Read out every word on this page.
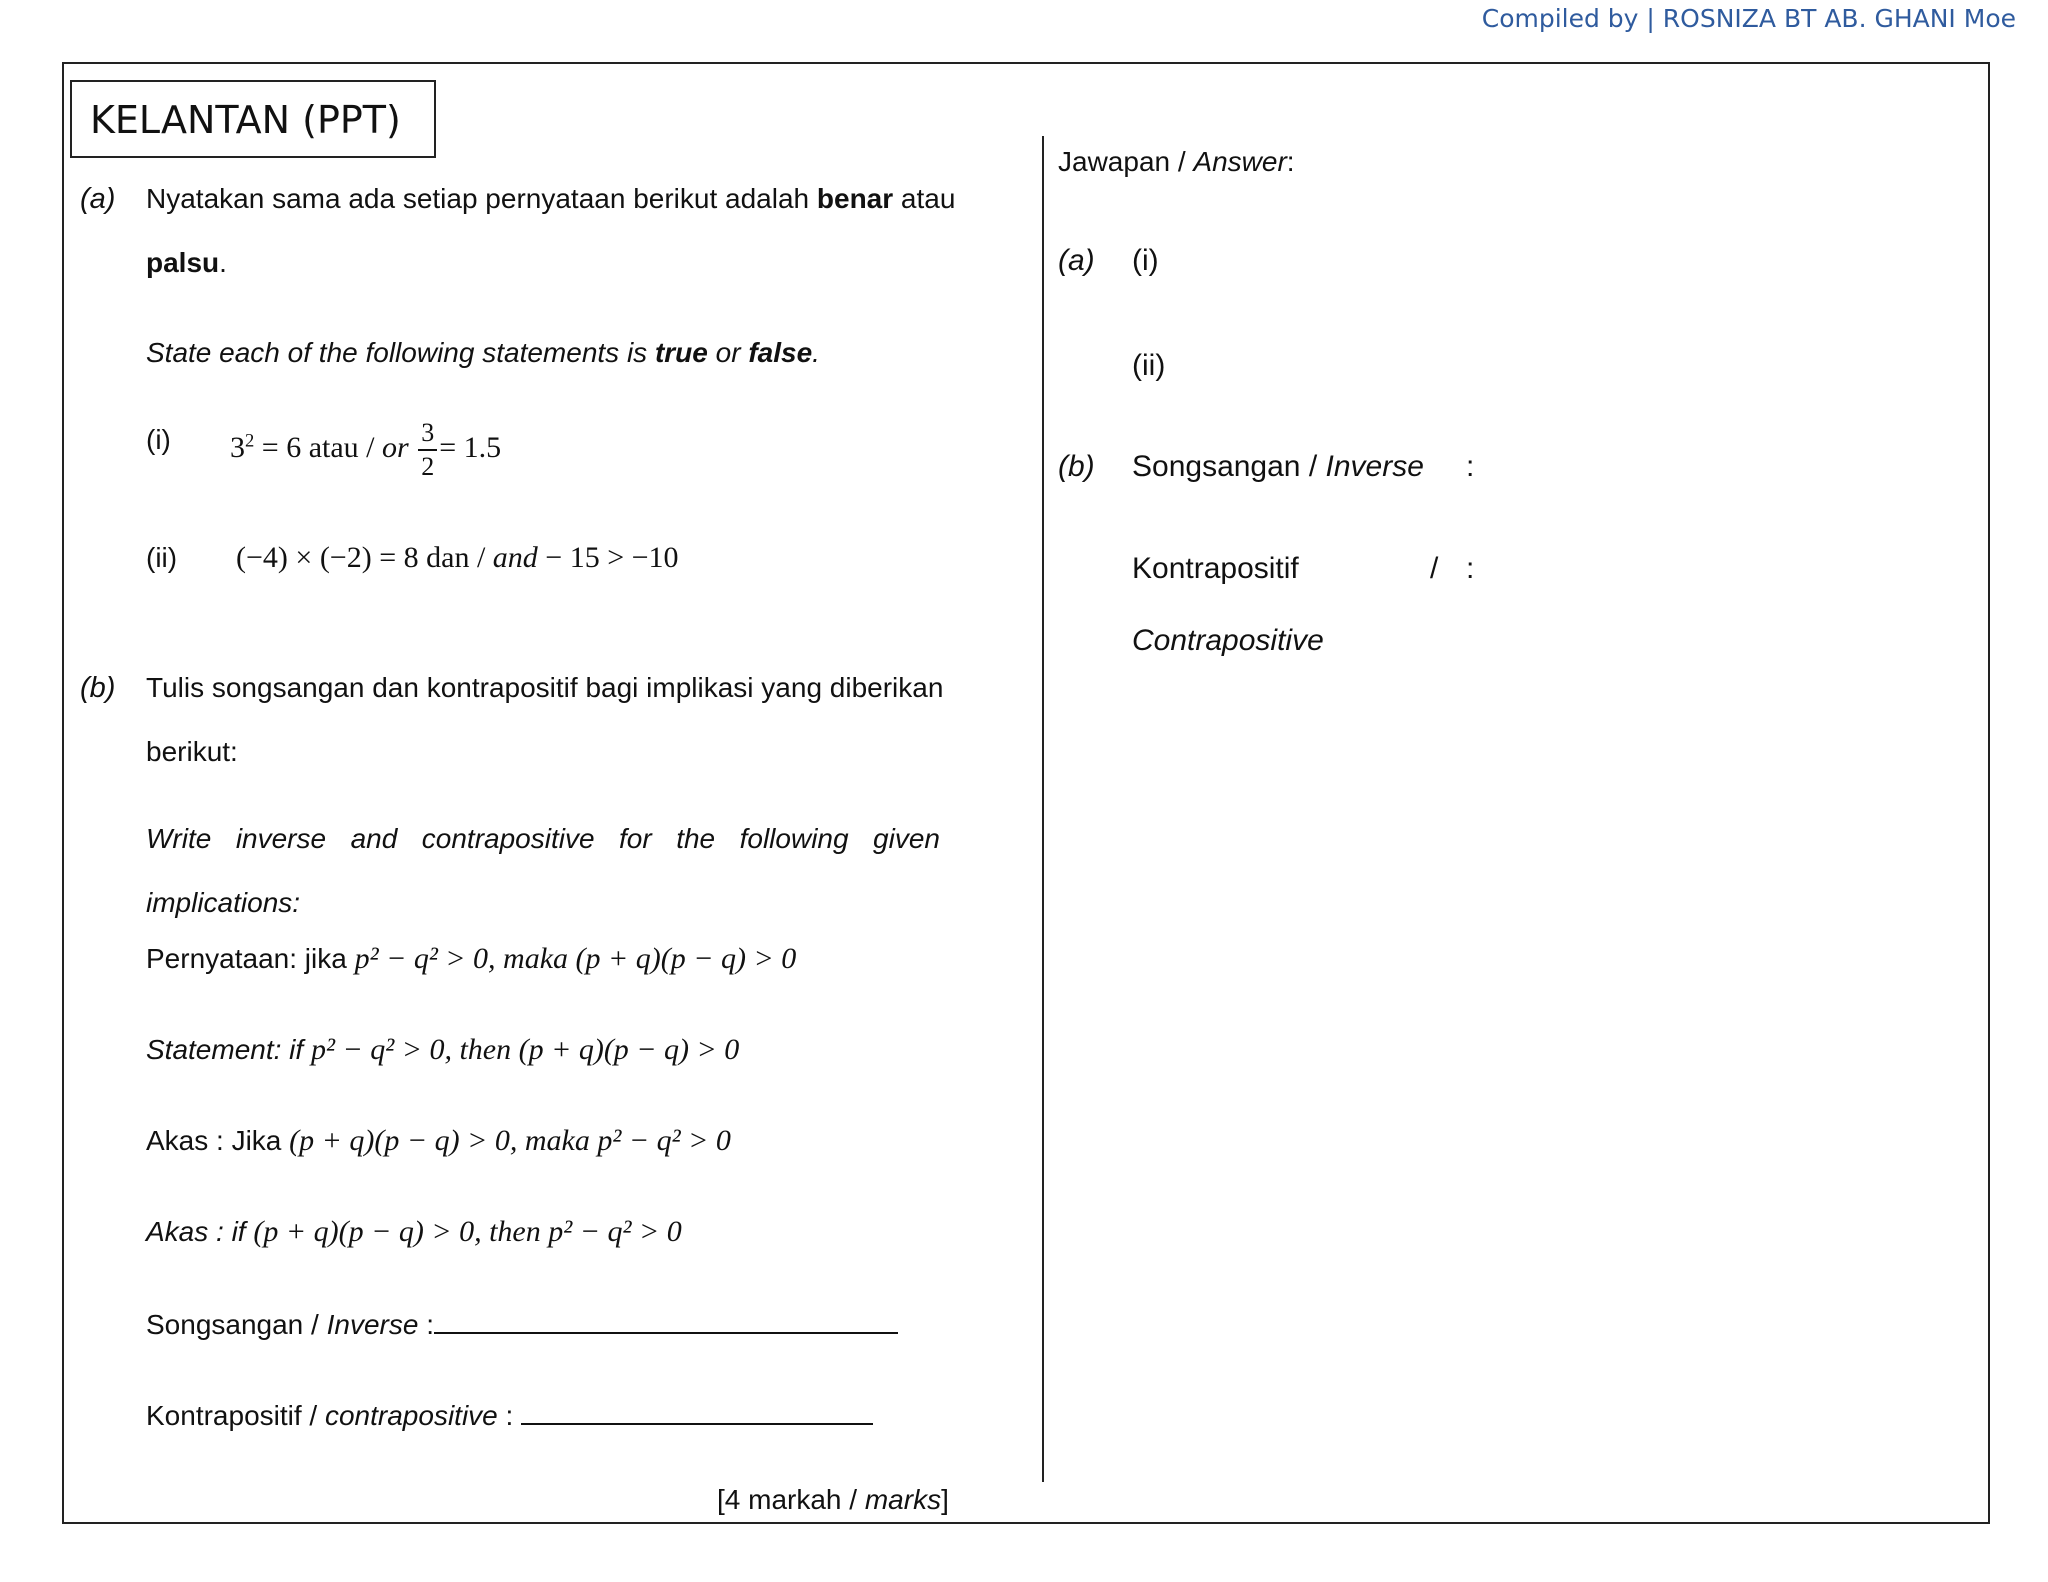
Compiled by | ROSNIZA BT AB. GHANI Moe
KELANTAN (PPT)
(a) Nyatakan sama ada setiap pernyataan berikut adalah benar atau
palsu.
State each of the following statements is true or false.
(i) $3^2 = 6$ atau / or $\frac{3}{2} = 1.5$
(ii) (−4) × (−2) = 8 dan / and − 15 > −10
(b) Tulis songsangan dan kontrapositif bagi implikasi yang diberikan
berikut:
Write inverse and contrapositive for the following given
implications:
Pernyataan: jika p² − q² > 0, maka (p + q)(p − q) > 0
Statement: if p² − q² > 0, then (p + q)(p − q) > 0
Akas : Jika (p + q)(p − q) > 0, maka p² − q² > 0
Akas : if (p + q)(p − q) > 0, then p² − q² > 0
Songsangan / Inverse :
Kontrapositif / contrapositive :
[4 markah / marks]
Jawapan / Answer:
(a) (i)
(ii)
(b) Songsangan / Inverse :
Kontrapositif	/ :
Contrapositive
